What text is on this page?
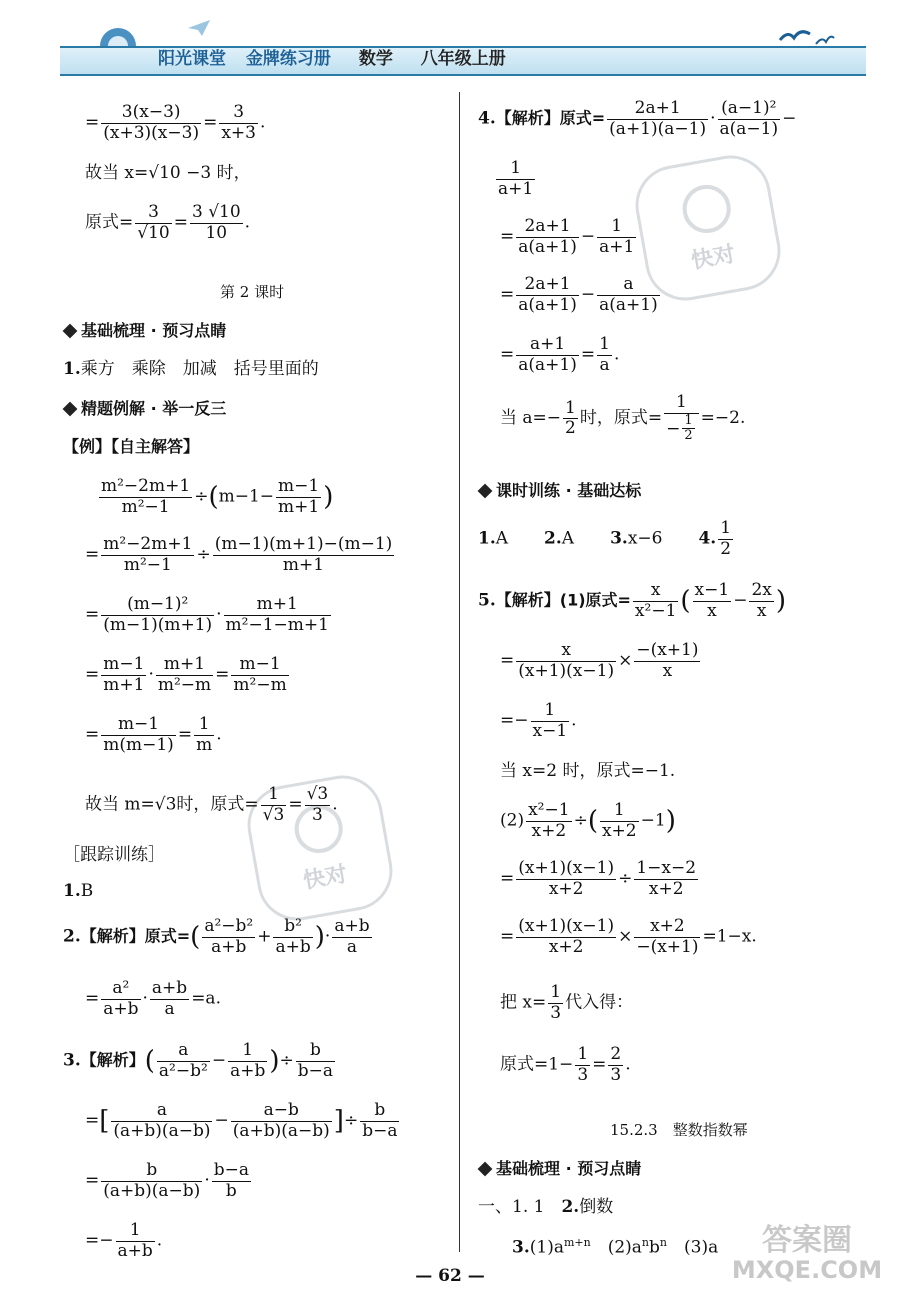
阳光课堂 金牌练习册 数学 八年级上册
快对
快对
= $\frac{3(x-3)}{(x+3)(x-3)} = \frac{3}{x+3}$ .
故当 x=√10 −3 时，
原式= $\frac{3}{√10} = \frac{3 √10}{10}$ .
第 2 课时
基础梳理 · 预习点睛
1.乘方　乘除　加减　括号里面的
精题例解 · 举一反三
【例】【自主解答】
$\frac{\text{m²−2m+1}}{\text{m²−1}} \div(m-1- \frac{m-1}{m+1}$ )
= $\frac{\text{m²−2m+1}}{\text{m²−1}} \div \frac{(m-1)(m+1)-(m-1)}{m+1}$
= $\frac{\text{(m−1)²}}{(m-1)(m+1)} \cdot \frac{m+1}{\text{m²−1−m+1}}$
= $\frac{m-1}{m+1} \cdot \frac{m+1}{\text{m²−m}} = \frac{m-1}{\text{m²−m}}$
= $\frac{m-1}{m(m-1)} = \frac{1}{m}$ .
故当 m=√3时，原式= $\frac{1}{√3} = \frac{√3}{3}$ .
［跟踪训练］
1.B
2.【解析】原式=( $\frac{\text{a²−b²}}{a+b} + \frac{\text{b²}}{a+b}$ )· $\frac{a+b}{a}$
= $\frac{\text{a²}}{a+b} \cdot \frac{a+b}{a} =a$.
3.【解析】( $\frac{a}{\text{a²−b²}} - \frac{1}{a+b}$ )÷ $\frac{b}{b-a}$
=[ $\frac{a}{(a+b)(a-b)} - \frac{a-b}{(a+b)(a-b)}$ ]÷ $\frac{b}{b-a}$
= $\frac{b}{(a+b)(a-b)} \cdot \frac{b-a}{b}$
=− $\frac{1}{a+b}$ .
4.【解析】原式= $\frac{2a+1}{(a+1)(a-1)} \cdot \frac{\text{(a−1)²}}{a(a-1)}$ −
$\frac{1}{a+1}$
= $\frac{2a+1}{a(a+1)} - \frac{1}{a+1}$
= $\frac{2a+1}{a(a+1)} - \frac{a}{a(a+1)}$
= $\frac{a+1}{a(a+1)} = \frac{1}{a}$ .
当 $a=- \frac{1}{2}$ 时，原式= $\frac{1}{- \frac{1}{2}} =-2$.
课时训练 · 基础达标
1.A 2.A 3.x−6 4. $\frac{1}{2}$
5.【解析】(1)原式= $\frac{x}{\text{x²−1}}$ ( $\frac{x-1}{x} - \frac{2x}{x}$ )
= $\frac{x}{(x+1)(x-1)} \times \frac{-(x+1)}{x}$
=− $\frac{1}{x-1}$ .
当 x=2 时，原式=−1.
$(2) \frac{\text{x²−1}}{x+2}$ ÷( $\frac{1}{x+2} -1$)
= $\frac{(x+1)(x-1)}{x+2} \div \frac{1-x-2}{x+2}$
= $\frac{(x+1)(x-1)}{x+2} \times \frac{x+2}{-(x+1)} =1-x$.
把 $x= \frac{1}{3}$ 代入得：
原式$=1- \frac{1}{3} = \frac{2}{3}$ .
15.2.3　整数指数幂
基础梳理 · 预习点睛
一、1. 1　2.倒数
$3.(1)a^{m+n}$　$(2)a^nb^n$　(3)a
— 62 —
答案圈
MXQE.COM
